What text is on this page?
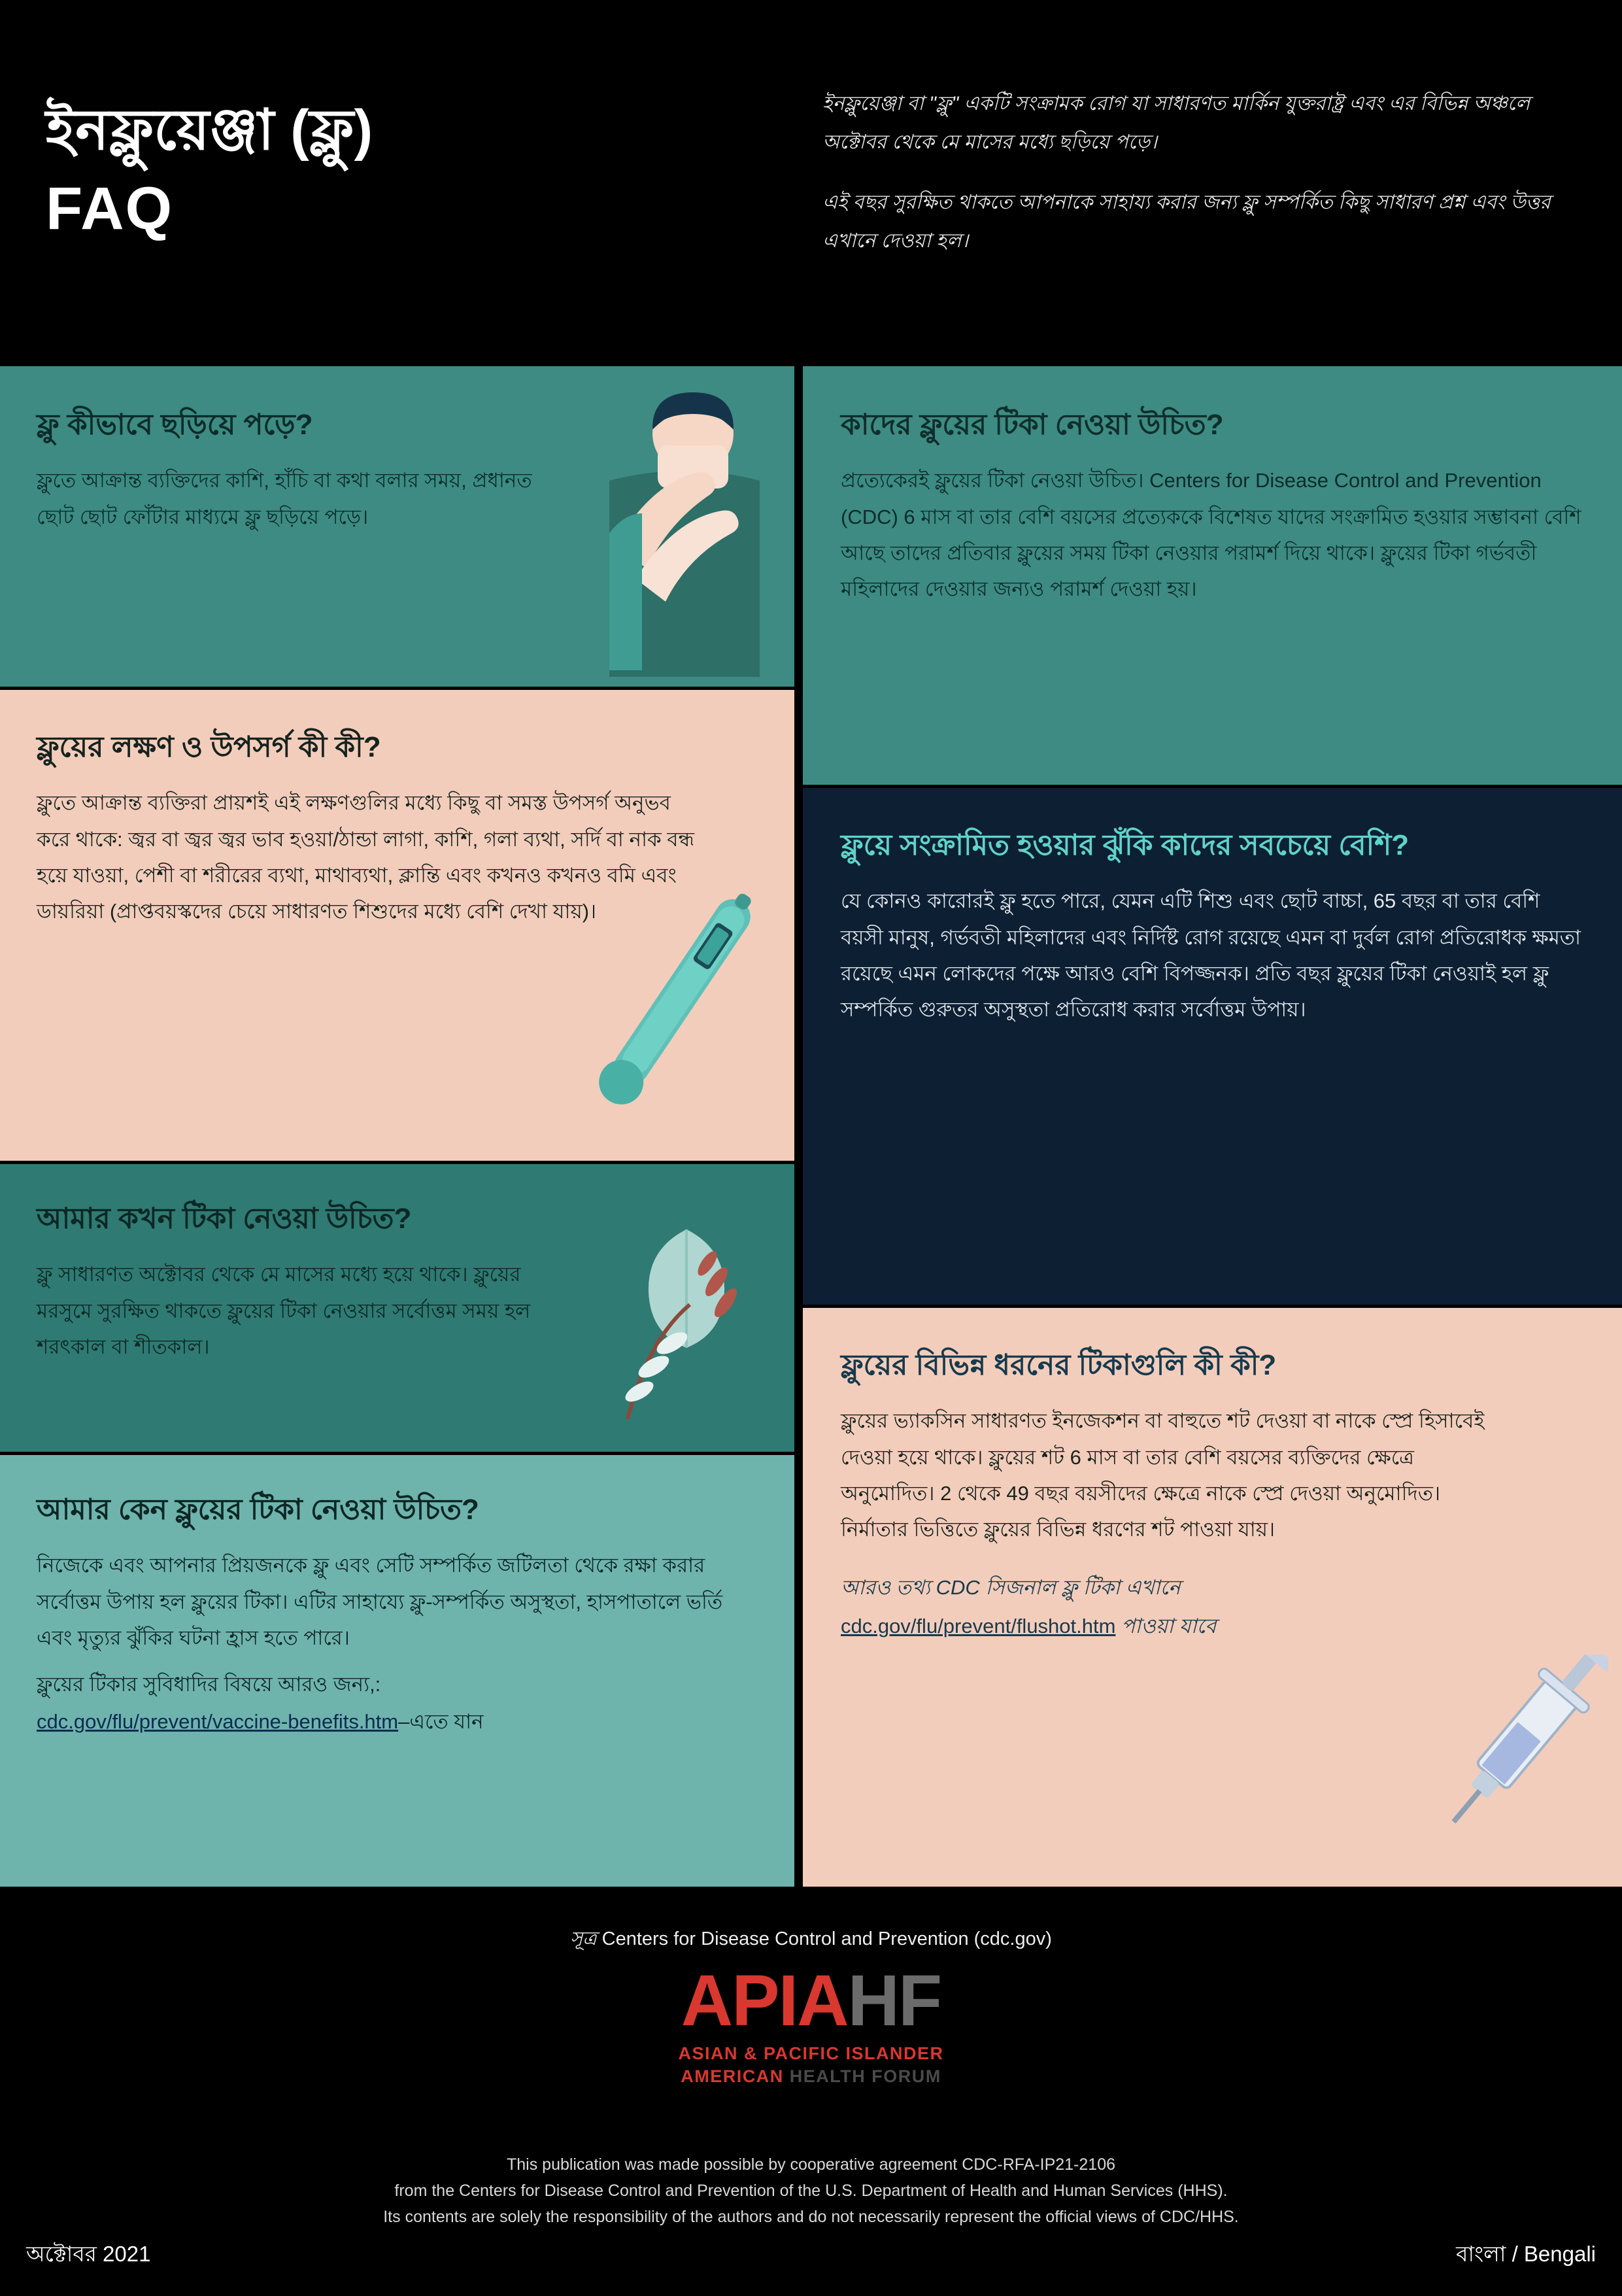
ইনফ্লুয়েঞ্জা (ফ্লু)
FAQ

ইনফ্লুয়েঞ্জা বা "ফ্লু" একটি সংক্রামক রোগ যা সাধারণত মার্কিন যুক্তরাষ্ট্র এবং এর বিভিন্ন অঞ্চলে অক্টোবর থেকে মে মাসের মধ্যে ছড়িয়ে পড়ে।

এই বছর সুরক্ষিত থাকতে আপনাকে সাহায্য করার জন্য ফ্লু সম্পর্কিত কিছু সাধারণ প্রশ্ন এবং উত্তর এখানে দেওয়া হল।

ফ্লু কীভাবে ছড়িয়ে পড়ে?

ফ্লুতে আক্রান্ত ব্যক্তিদের কাশি, হাঁচি বা কথা বলার সময়, প্রধানত ছোট ছোট ফোঁটার মাধ্যমে ফ্লু ছড়িয়ে পড়ে।

ফ্লুয়ের লক্ষণ ও উপসর্গ কী কী?

ফ্লুতে আক্রান্ত ব্যক্তিরা প্রায়শই এই লক্ষণগুলির মধ্যে কিছু বা সমস্ত উপসর্গ অনুভব করে থাকে: জ্বর বা জ্বর জ্বর ভাব হওয়া/ঠান্ডা লাগা, কাশি, গলা ব্যথা, সর্দি বা নাক বন্ধ হয়ে যাওয়া, পেশী বা শরীরের ব্যথা, মাথাব্যথা, ক্লান্তি এবং কখনও কখনও বমি এবং ডায়রিয়া (প্রাপ্তবয়স্কদের চেয়ে সাধারণত শিশুদের মধ্যে বেশি দেখা যায়)।

আমার কখন টিকা নেওয়া উচিত?

ফ্লু সাধারণত অক্টোবর থেকে মে মাসের মধ্যে হয়ে থাকে। ফ্লুয়ের মরসুমে সুরক্ষিত থাকতে ফ্লুয়ের টিকা নেওয়ার সর্বোত্তম সময় হল শরৎকাল বা শীতকাল।

আমার কেন ফ্লুয়ের টিকা নেওয়া উচিত?

নিজেকে এবং আপনার প্রিয়জনকে ফ্লু এবং সেটি সম্পর্কিত জটিলতা থেকে রক্ষা করার সর্বোত্তম উপায় হল ফ্লুয়ের টিকা। এটির সাহায্যে ফ্লু-সম্পর্কিত অসুস্থতা, হাসপাতালে ভর্তি এবং মৃত্যুর ঝুঁকির ঘটনা হ্রাস হতে পারে।

ফ্লুয়ের টিকার সুবিধাদির বিষয়ে আরও জন্য,:

cdc.gov/flu/prevent/vaccine-benefits.htm–এতে যান

কাদের ফ্লুয়ের টিকা নেওয়া উচিত?

প্রত্যেকেরই ফ্লুয়ের টিকা নেওয়া উচিত। Centers for Disease Control and Prevention (CDC) 6 মাস বা তার বেশি বয়সের প্রত্যেককে বিশেষত যাদের সংক্রামিত হওয়ার সম্ভাবনা বেশি আছে তাদের প্রতিবার ফ্লুয়ের সময় টিকা নেওয়ার পরামর্শ দিয়ে থাকে। ফ্লুয়ের টিকা গর্ভবতী মহিলাদের দেওয়ার জন্যও পরামর্শ দেওয়া হয়।

ফ্লুয়ে সংক্রামিত হওয়ার ঝুঁকি কাদের সবচেয়ে বেশি?

যে কোনও কারোরই ফ্লু হতে পারে, যেমন এটি শিশু এবং ছোট বাচ্চা, 65 বছর বা তার বেশি বয়সী মানুষ, গর্ভবতী মহিলাদের এবং নির্দিষ্ট রোগ রয়েছে এমন বা দুর্বল রোগ প্রতিরোধক ক্ষমতা রয়েছে এমন লোকদের পক্ষে আরও বেশি বিপজ্জনক। প্রতি বছর ফ্লুয়ের টিকা নেওয়াই হল ফ্লু সম্পর্কিত গুরুতর অসুস্থতা প্রতিরোধ করার সর্বোত্তম উপায়।

ফ্লুয়ের বিভিন্ন ধরনের টিকাগুলি কী কী?

ফ্লুয়ের ভ্যাকসিন সাধারণত ইনজেকশন বা বাহুতে শট দেওয়া বা নাকে স্প্রে হিসাবেই দেওয়া হয়ে থাকে। ফ্লুয়ের শট 6 মাস বা তার বেশি বয়সের ব্যক্তিদের ক্ষেত্রে অনুমোদিত। 2 থেকে 49 বছর বয়সীদের ক্ষেত্রে নাকে স্প্রে দেওয়া অনুমোদিত। নির্মাতার ভিত্তিতে ফ্লুয়ের বিভিন্ন ধরণের শট পাওয়া যায়।

আরও তথ্য CDC সিজনাল ফ্লু টিকা এখানে

cdc.gov/flu/prevent/flushot.htm পাওয়া যাবে

সূত্র Centers for Disease Control and Prevention (cdc.gov)
APIAHF
ASIAN & PACIFIC ISLANDER
AMERICAN HEALTH FORUM
This publication was made possible by cooperative agreement CDC-RFA-IP21-2106
from the Centers for Disease Control and Prevention of the U.S. Department of Health and Human Services (HHS).
Its contents are solely the responsibility of the authors and do not necessarily represent the official views of CDC/HHS.
অক্টোবর 2021	বাংলা / Bengali
